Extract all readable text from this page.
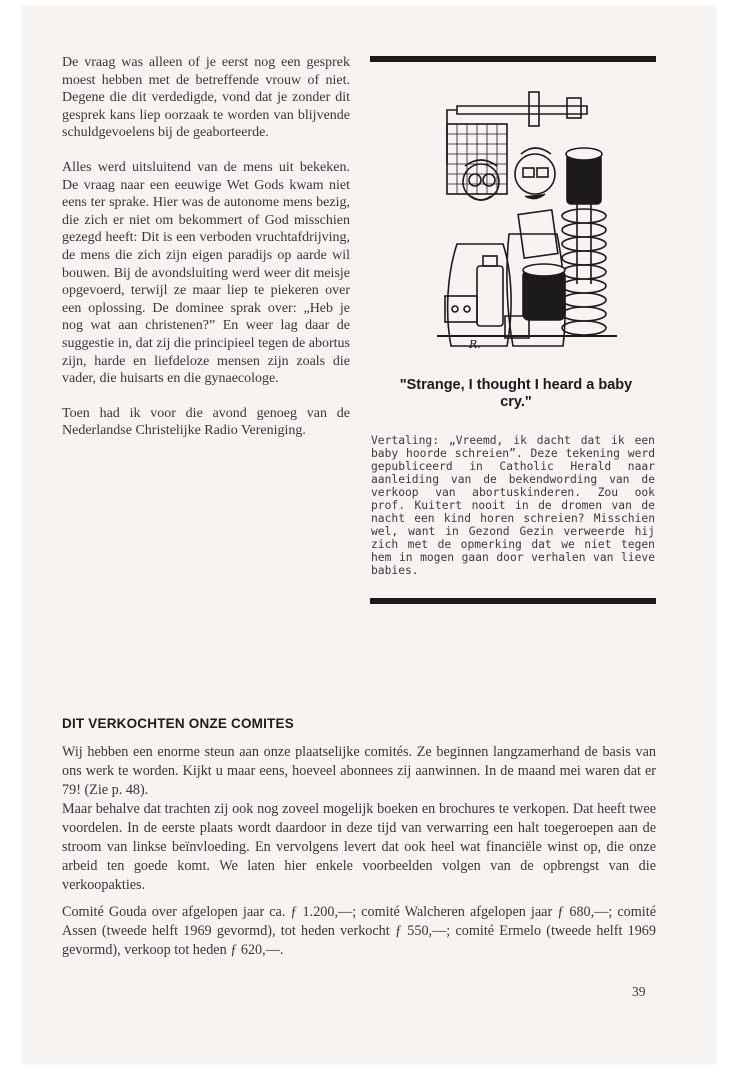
De vraag was alleen of je eerst nog een gesprek moest hebben met de betreffende vrouw of niet. Degene die dit verdedigde, vond dat je zonder dit gesprek kans liep oorzaak te worden van blijvende schuldgevoelens bij de geaborteerde.

Alles werd uitsluitend van de mens uit bekeken. De vraag naar een eeuwige Wet Gods kwam niet eens ter sprake. Hier was de autonome mens bezig, die zich er niet om bekommert of God misschien gezegd heeft: Dit is een verboden vruchtafdrijving, de mens die zich zijn eigen paradijs op aarde wil bouwen. Bij de avondsluiting werd weer dit meisje opgevoerd, terwijl ze maar liep te piekeren over een oplossing. De dominee sprak over: „Heb je nog wat aan christenen?” En weer lag daar de suggestie in, dat zij die principieel tegen de abortus zijn, harde en liefdeloze mensen zijn zoals die vader, die huisarts en die gynaecologe.

Toen had ik voor die avond genoeg van de Nederlandse Christelijke Radio Vereniging.

R.
"Strange, I thought I heard a baby cry."
Vertaling: „Vreemd, ik dacht dat ik een baby hoorde schreien”. Deze tekening werd gepubliceerd in Catholic Herald naar aanleiding van de bekendwording van de verkoop van abortuskinderen. Zou ook prof. Kuitert nooit in de dromen van de nacht een kind horen schreien? Misschien wel, want in Gezond Gezin verweerde hij zich met de opmerking dat we niet tegen hem in mogen gaan door verhalen van lieve babies.
DIT VERKOCHTEN ONZE COMITES

Wij hebben een enorme steun aan onze plaatselijke comités. Ze beginnen langzamerhand de basis van ons werk te worden. Kijkt u maar eens, hoeveel abonnees zij aanwinnen. In de maand mei waren dat er 79! (Zie p. 48).

Maar behalve dat trachten zij ook nog zoveel mogelijk boeken en brochures te verkopen. Dat heeft twee voordelen. In de eerste plaats wordt daardoor in deze tijd van verwarring een halt toegeroepen aan de stroom van linkse beïnvloeding. En vervolgens levert dat ook heel wat financiële winst op, die onze arbeid ten goede komt. We laten hier enkele voorbeelden volgen van de opbrengst van die verkoopakties.

Comité Gouda over afgelopen jaar ca. ƒ 1.200,—; comité Walcheren afgelopen jaar ƒ 680,—; comité Assen (tweede helft 1969 gevormd), tot heden verkocht ƒ 550,—; comité Ermelo (tweede helft 1969 gevormd), verkoop tot heden ƒ 620,—.

39
